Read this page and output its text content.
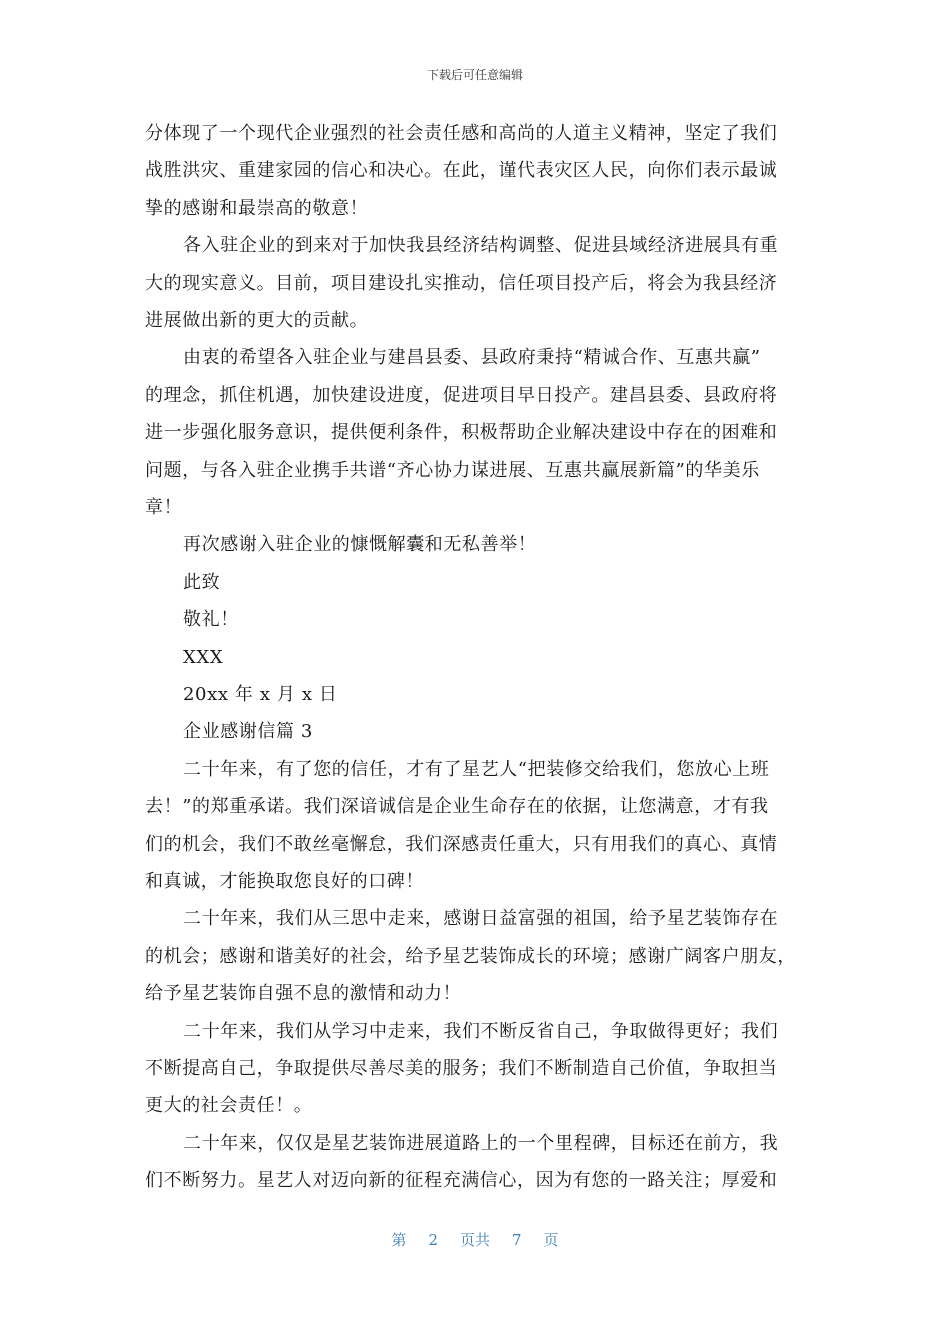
下载后可任意编辑
分体现了一个现代企业强烈的社会责任感和高尚的人道主义精神，坚定了我们
战胜洪灾、重建家园的信心和决心。在此，谨代表灾区人民，向你们表示最诚
挚的感谢和最崇高的敬意！
各入驻企业的到来对于加快我县经济结构调整、促进县域经济进展具有重
大的现实意义。目前，项目建设扎实推动，信任项目投产后，将会为我县经济
进展做出新的更大的贡献。
由衷的希望各入驻企业与建昌县委、县政府秉持“精诚合作、互惠共赢”
的理念，抓住机遇，加快建设进度，促进项目早日投产。建昌县委、县政府将
进一步强化服务意识，提供便利条件，积极帮助企业解决建设中存在的困难和
问题，与各入驻企业携手共谱“齐心协力谋进展、互惠共赢展新篇”的华美乐
章！
再次感谢入驻企业的慷慨解囊和无私善举！
此致
敬礼！
XXX
20xx 年 x 月 x 日
企业感谢信篇 3
二十年来，有了您的信任，才有了星艺人“把装修交给我们，您放心上班
去！”的郑重承诺。我们深谙诚信是企业生命存在的依据，让您满意，才有我
们的机会，我们不敢丝毫懈怠，我们深感责任重大，只有用我们的真心、真情
和真诚，才能换取您良好的口碑！
二十年来，我们从三思中走来，感谢日益富强的祖国，给予星艺装饰存在
的机会；感谢和谐美好的社会，给予星艺装饰成长的环境；感谢广阔客户朋友，
给予星艺装饰自强不息的激情和动力！
二十年来，我们从学习中走来，我们不断反省自己，争取做得更好；我们
不断提高自己，争取提供尽善尽美的服务；我们不断制造自己价值，争取担当
更大的社会责任！。
二十年来，仅仅是星艺装饰进展道路上的一个里程碑，目标还在前方，我
们不断努力。星艺人对迈向新的征程充满信心，因为有您的一路关注；厚爱和
第 2 页共 7 页
